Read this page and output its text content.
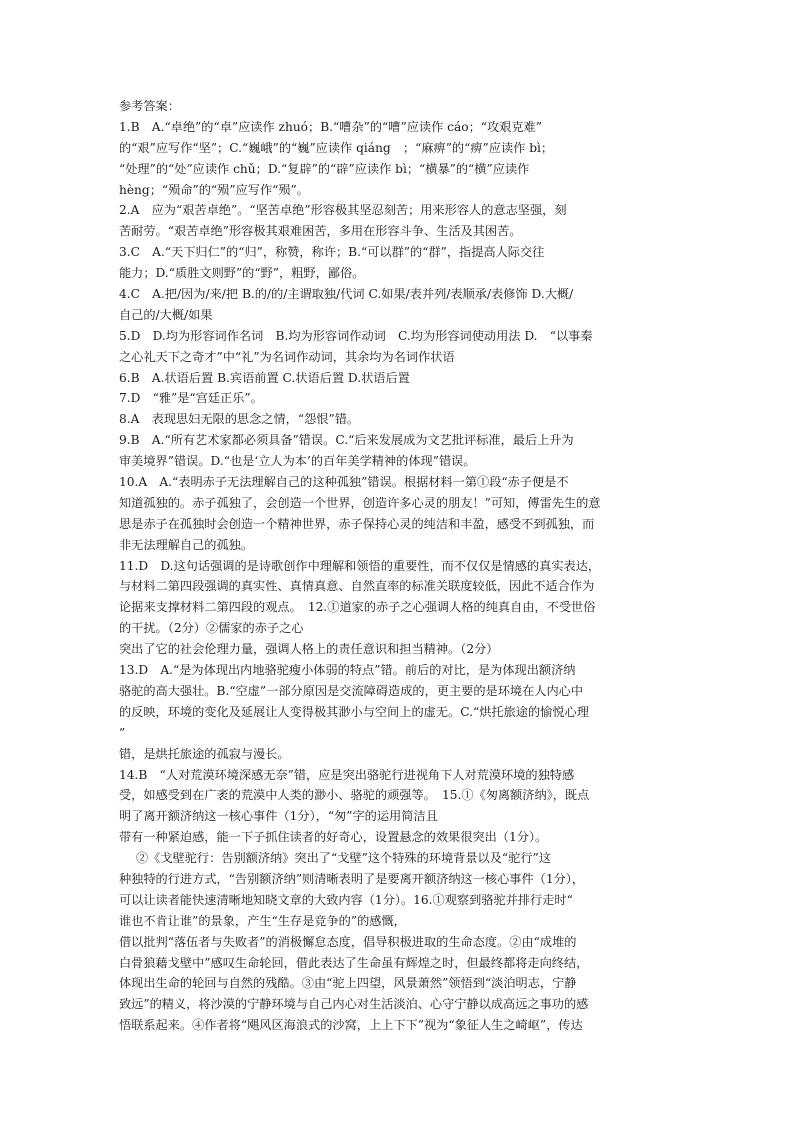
参考答案：
1.B　A.“卓绝”的“卓”应读作 zhuó；B.“嘈杂”的“嘈”应读作 cáo；“攻艰克难”
的“艰”应写作“坚”；C.“巍峨”的“巍”应读作 qiáng　；“麻痹”的“痹”应读作 bì；
“处理”的“处”应读作 chǔ；D.“复辟”的“辟”应读作 bì；“横暴”的“横”应读作
hèng；“殒命”的“殒”应写作“殒”。
2.A　应为“艰苦卓绝”。“坚苦卓绝”形容极其坚忍刻苦；用来形容人的意志坚强，刻
苦耐劳。“艰苦卓绝”形容极其艰难困苦，多用在形容斗争、生活及其困苦。
3.C　A.“天下归仁”的“归”，称赞，称许；B.“可以群”的“群”，指提高人际交往
能力；D.“质胜文则野”的“野”，粗野，鄙俗。
4.C　A.把/因为/来/把 B.的/的/主谓取独/代词 C.如果/表并列/表顺承/表修饰 D.大概/
自己的/大概/如果
5.D　D.均为形容词作名词　B.均为形容词作动词　C.均为形容词使动用法 D.　“以事秦
之心礼天下之奇才”中“礼”为名词作动词，其余均为名词作状语
6.B　A.状语后置 B.宾语前置 C.状语后置 D.状语后置
7.D　“雅”是“宫廷正乐”。
8.A　表现思妇无限的思念之情，“怨恨”错。
9.B　A.“所有艺术家都必须具备”错误。C.“后来发展成为文艺批评标准，最后上升为
审美境界”错误。D.“也是‘立人为本’的百年美学精神的体现”错误。
10.A　A.“表明赤子无法理解自己的这种孤独”错误。根据材料一第①段“赤子便是不
知道孤独的。赤子孤独了，会创造一个世界，创造许多心灵的朋友！”可知，傅雷先生的意
思是赤子在孤独时会创造一个精神世界，赤子保持心灵的纯洁和丰盈，感受不到孤独，而
非无法理解自己的孤独。
11.D　D.这句话强调的是诗歌创作中理解和领悟的重要性，而不仅仅是情感的真实表达，
与材料二第四段强调的真实性、真情真意、自然直率的标准关联度较低，因此不适合作为
论据来支撑材料二第四段的观点。　12.①道家的赤子之心强调人格的纯真自由，不受世俗
的干扰。（2分）②儒家的赤子之心
突出了它的社会伦理力量，强调人格上的责任意识和担当精神。（2分）
13.D　A.“是为体现出内地骆驼瘦小体弱的特点”错。前后的对比，是为体现出额济纳
骆驼的高大强壮。B.“空虚”一部分原因是交流障碍造成的，更主要的是环境在人内心中
的反映，环境的变化及延展让人变得极其渺小与空间上的虚无。C.“烘托旅途的愉悦心理
”
错，是烘托旅途的孤寂与漫长。
14.B　“人对荒漠环境深感无奈”错，应是突出骆驼行进视角下人对荒漠环境的独特感
受，如感受到在广袤的荒漠中人类的渺小、骆驼的顽强等。　15.①《匆离额济纳》，既点
明了离开额济纳这一核心事件（1分），“匆”字的运用简洁且
带有一种紧迫感，能一下子抓住读者的好奇心，设置悬念的效果很突出（1分）。
②《戈壁驼行：告别额济纳》突出了“戈壁”这个特殊的环境背景以及“驼行”这
种独特的行进方式，“告别额济纳”则清晰表明了是要离开额济纳这一核心事件（1分），
可以让读者能快速清晰地知晓文章的大致内容（1分）。16.①观察到骆驼并排行走时“
谁也不肯让谁”的景象，产生“生存是竞争的”的感慨，
借以批判“落伍者与失败者”的消极懈怠态度，倡导积极进取的生命态度。②由“成堆的
白骨狼藉戈壁中”感叹生命轮回，借此表达了生命虽有辉煌之时，但最终都将走向终结，
体现出生命的轮回与自然的残酷。③由“驼上四望，风景萧然”领悟到“淡泊明志，宁静
致远”的精义，将沙漠的宁静环境与自己内心对生活淡泊、心守宁静以成高远之事功的感
悟联系起来。④作者将“飓风区海浪式的沙窝，上上下下”视为“象征人生之崎岖”，传达
